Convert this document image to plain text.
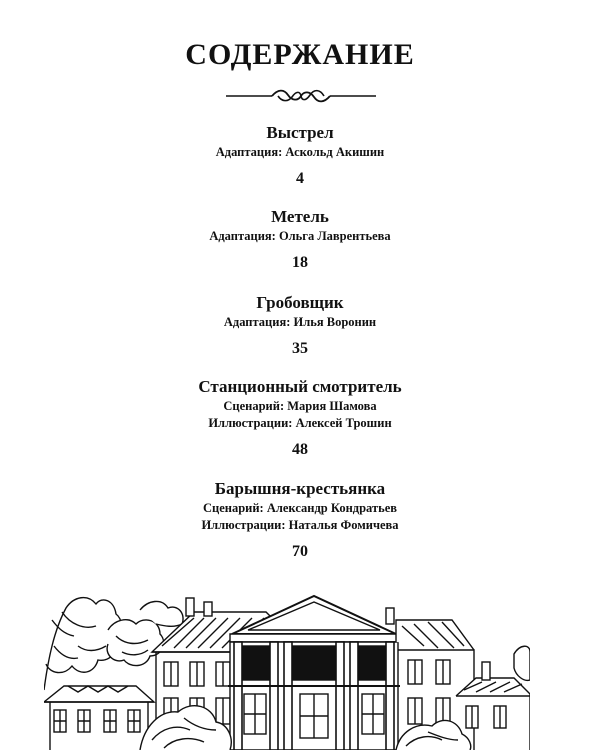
СОДЕРЖАНИЕ
Выстрел
Адаптация: Аскольд Акишин
4
Метель
Адаптация: Ольга Лаврентьева
18
Гробовщик
Адаптация: Илья Воронин
35
Станционный смотритель
Сценарий: Мария Шамова
Иллюстрации: Алексей Трошин
48
Барышня-крестьянка
Сценарий: Александр Кондратьев
Иллюстрации: Наталья Фомичева
70
